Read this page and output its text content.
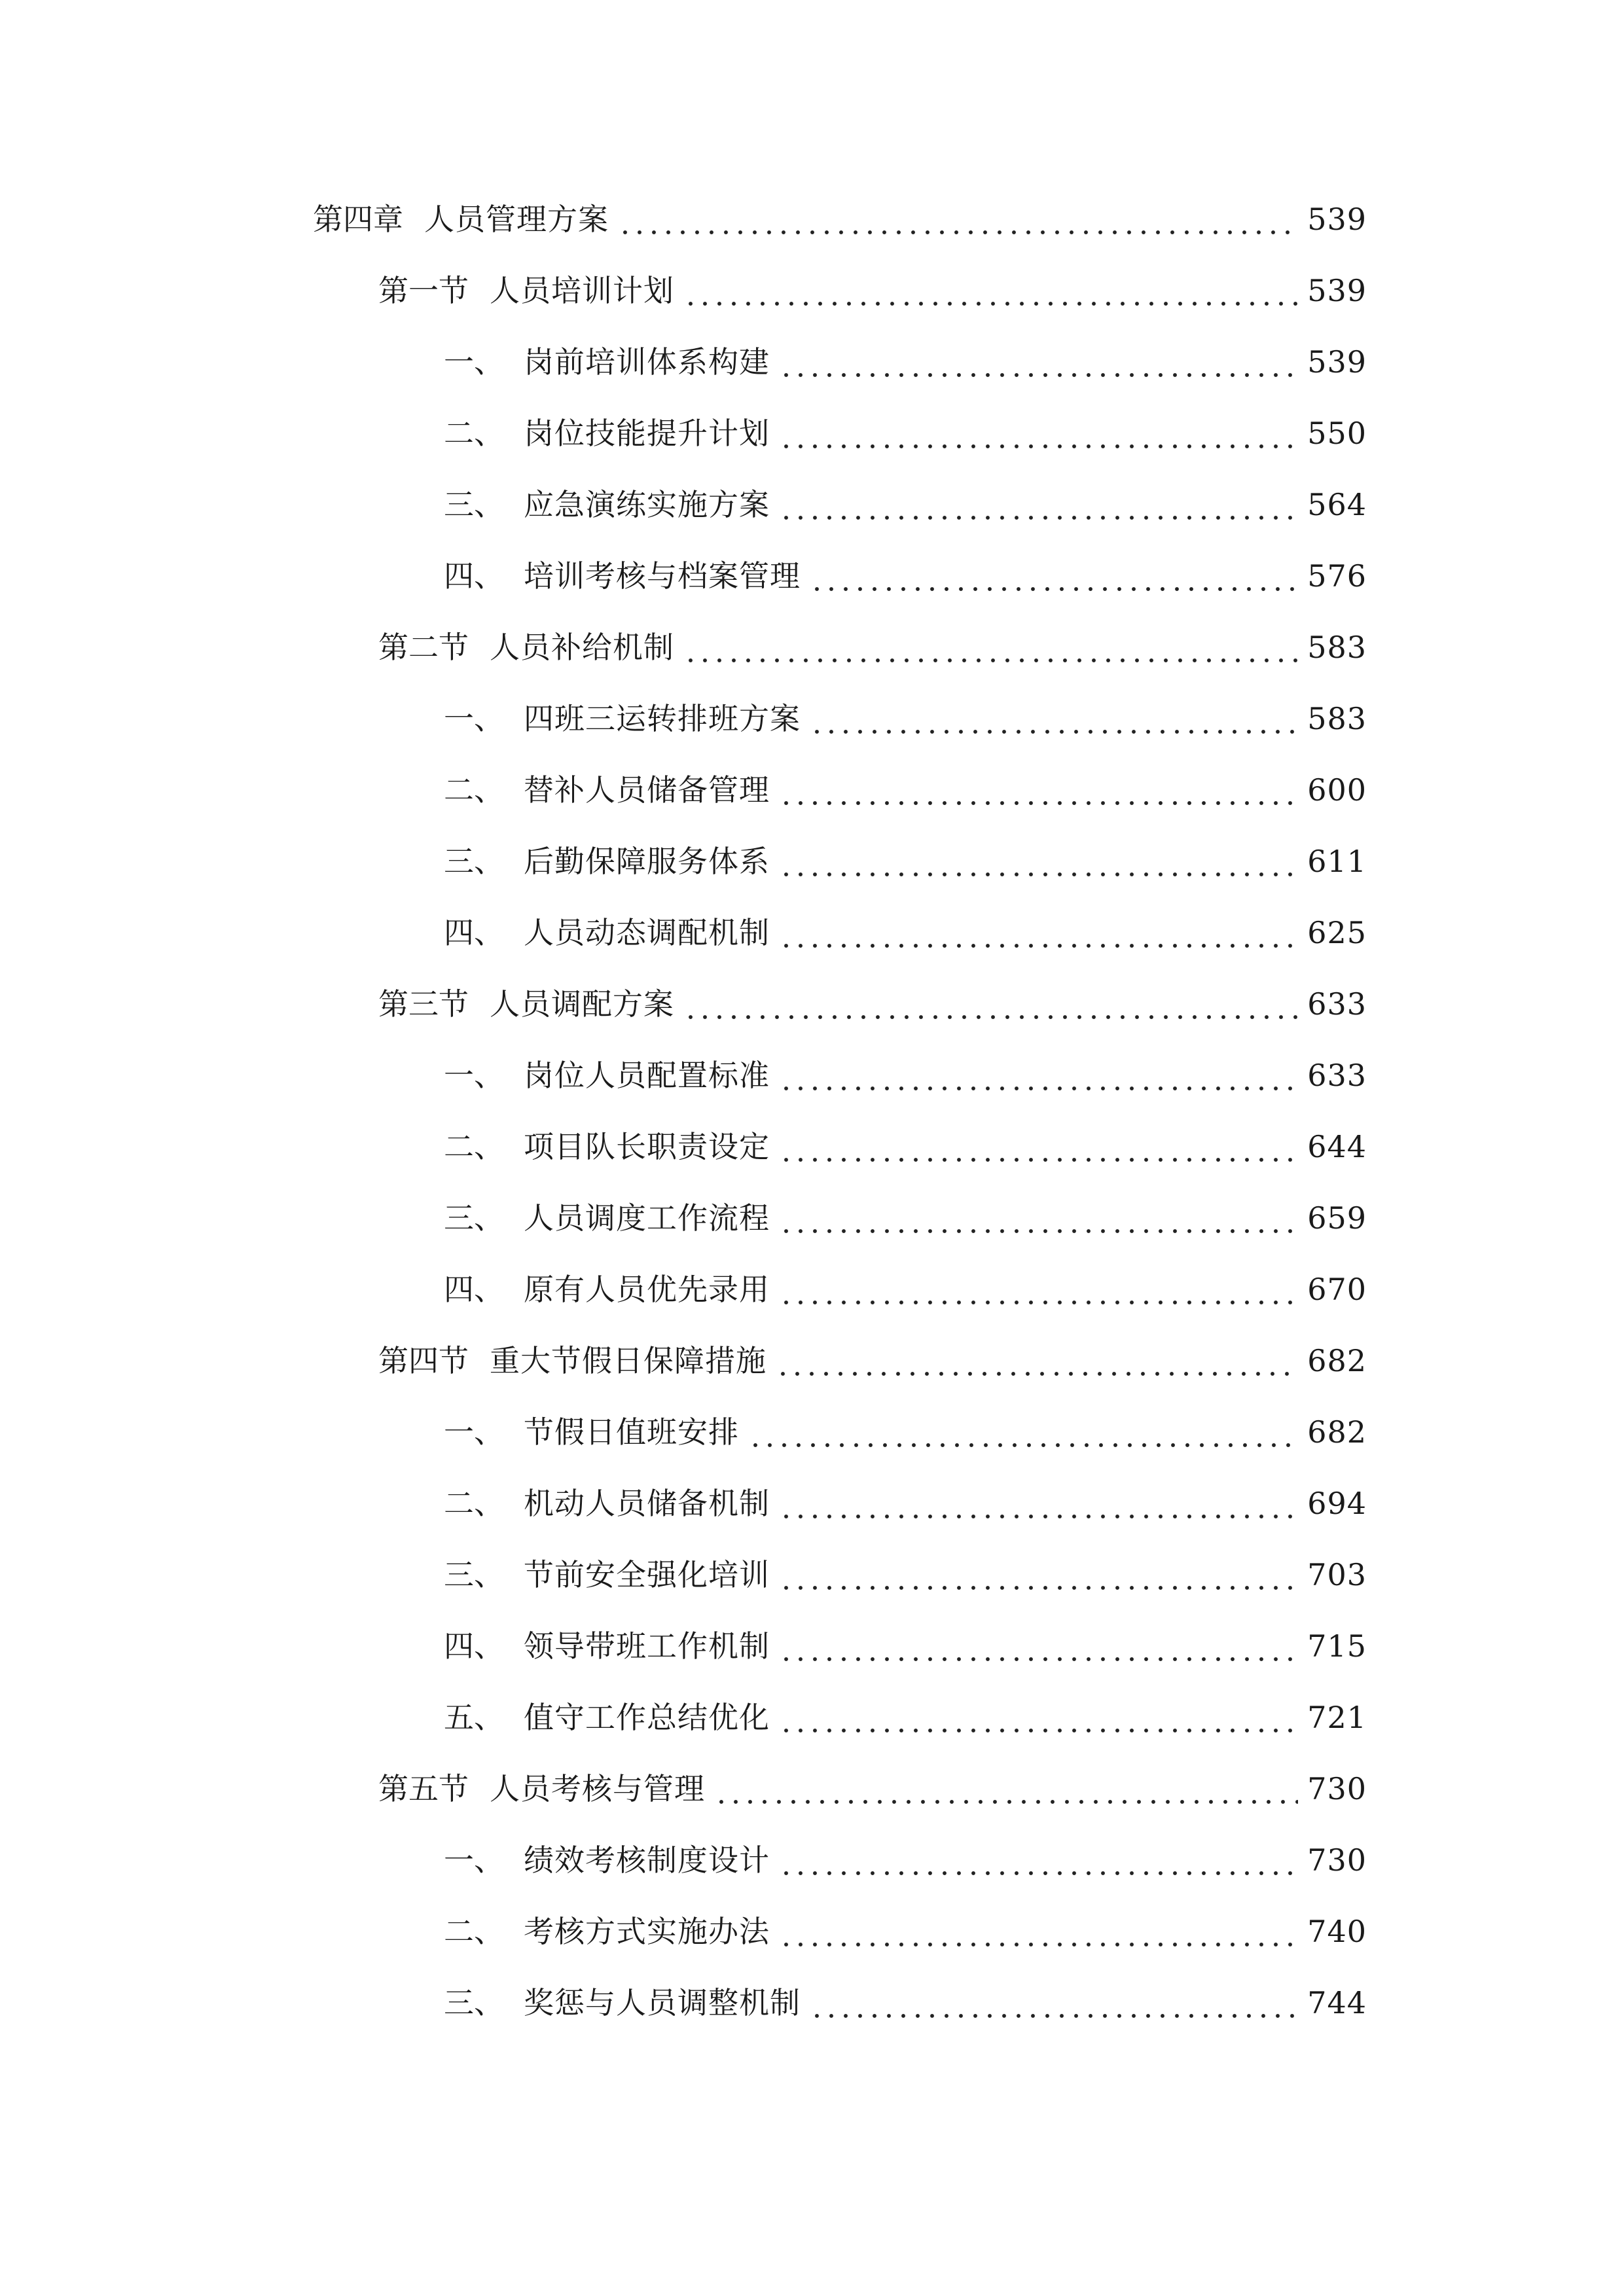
第四章 人员管理方案	539
第一节 人员培训计划	539
一、 岗前培训体系构建	539
二、 岗位技能提升计划	550
三、 应急演练实施方案	564
四、 培训考核与档案管理	576
第二节 人员补给机制	583
一、 四班三运转排班方案	583
二、 替补人员储备管理	600
三、 后勤保障服务体系	611
四、 人员动态调配机制	625
第三节 人员调配方案	633
一、 岗位人员配置标准	633
二、 项目队长职责设定	644
三、 人员调度工作流程	659
四、 原有人员优先录用	670
第四节 重大节假日保障措施	682
一、 节假日值班安排	682
二、 机动人员储备机制	694
三、 节前安全强化培训	703
四、 领导带班工作机制	715
五、 值守工作总结优化	721
第五节 人员考核与管理	730
一、 绩效考核制度设计	730
二、 考核方式实施办法	740
三、 奖惩与人员调整机制	744
